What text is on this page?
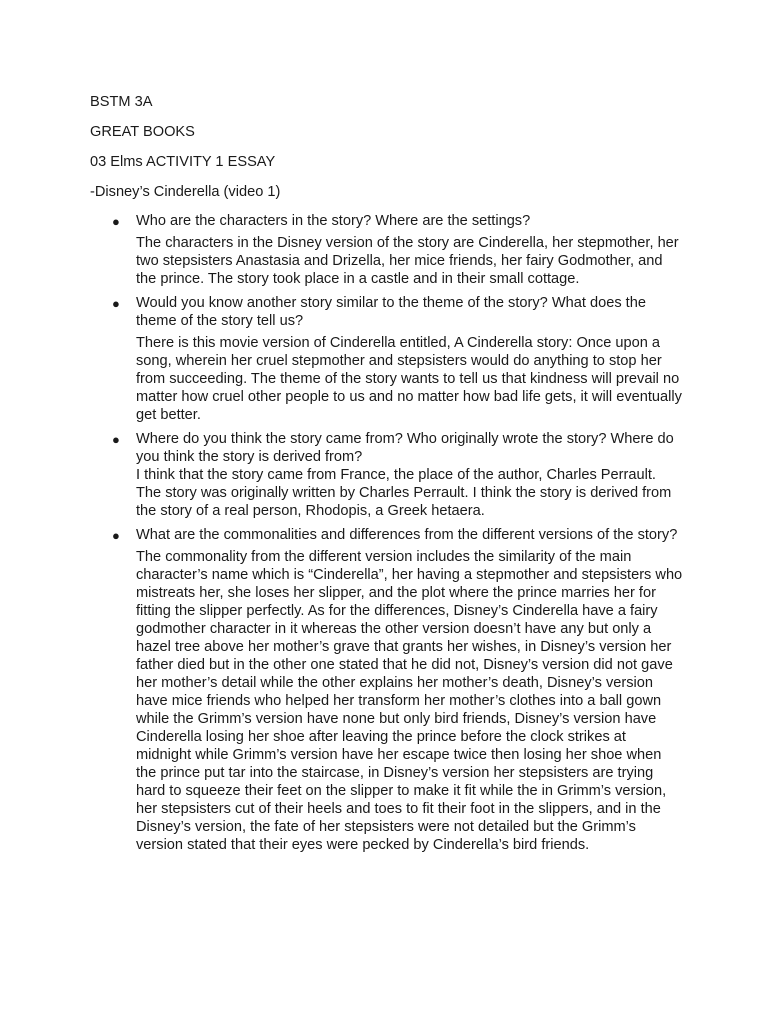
BSTM 3A
GREAT BOOKS
03 Elms ACTIVITY 1 ESSAY
-Disney’s Cinderella (video 1)
● Who are the characters in the story? Where are the settings?
The characters in the Disney version of the story are Cinderella, her stepmother, her two stepsisters Anastasia and Drizella, her mice friends, her fairy Godmother, and the prince. The story took place in a castle and in their small cottage.
● Would you know another story similar to the theme of the story? What does the theme of the story tell us?
There is this movie version of Cinderella entitled, A Cinderella story: Once upon a song, wherein her cruel stepmother and stepsisters would do anything to stop her from succeeding. The theme of the story wants to tell us that kindness will prevail no matter how cruel other people to us and no matter how bad life gets, it will eventually get better.
● Where do you think the story came from? Who originally wrote the story? Where do you think the story is derived from?
I think that the story came from France, the place of the author, Charles Perrault. The story was originally written by Charles Perrault. I think the story is derived from the story of a real person, Rhodopis, a Greek hetaera.
● What are the commonalities and differences from the different versions of the story?
The commonality from the different version includes the similarity of the main character’s name which is “Cinderella”, her having a stepmother and stepsisters who mistreats her, she loses her slipper, and the plot where the prince marries her for fitting the slipper perfectly. As for the differences, Disney’s Cinderella have a fairy godmother character in it whereas the other version doesn’t have any but only a hazel tree above her mother’s grave that grants her wishes, in Disney’s version her father died but in the other one stated that he did not, Disney’s version did not gave her mother’s detail while the other explains her mother’s death, Disney’s version have mice friends who helped her transform her mother’s clothes into a ball gown while the Grimm’s version have none but only bird friends, Disney’s version have Cinderella losing her shoe after leaving the prince before the clock strikes at midnight while Grimm’s version have her escape twice then losing her shoe when the prince put tar into the staircase, in Disney’s version her stepsisters are trying hard to squeeze their feet on the slipper to make it fit while the in Grimm’s version, her stepsisters cut of their heels and toes to fit their foot in the slippers, and in the Disney’s version, the fate of her stepsisters were not detailed but the Grimm’s version stated that their eyes were pecked by Cinderella’s bird friends.
